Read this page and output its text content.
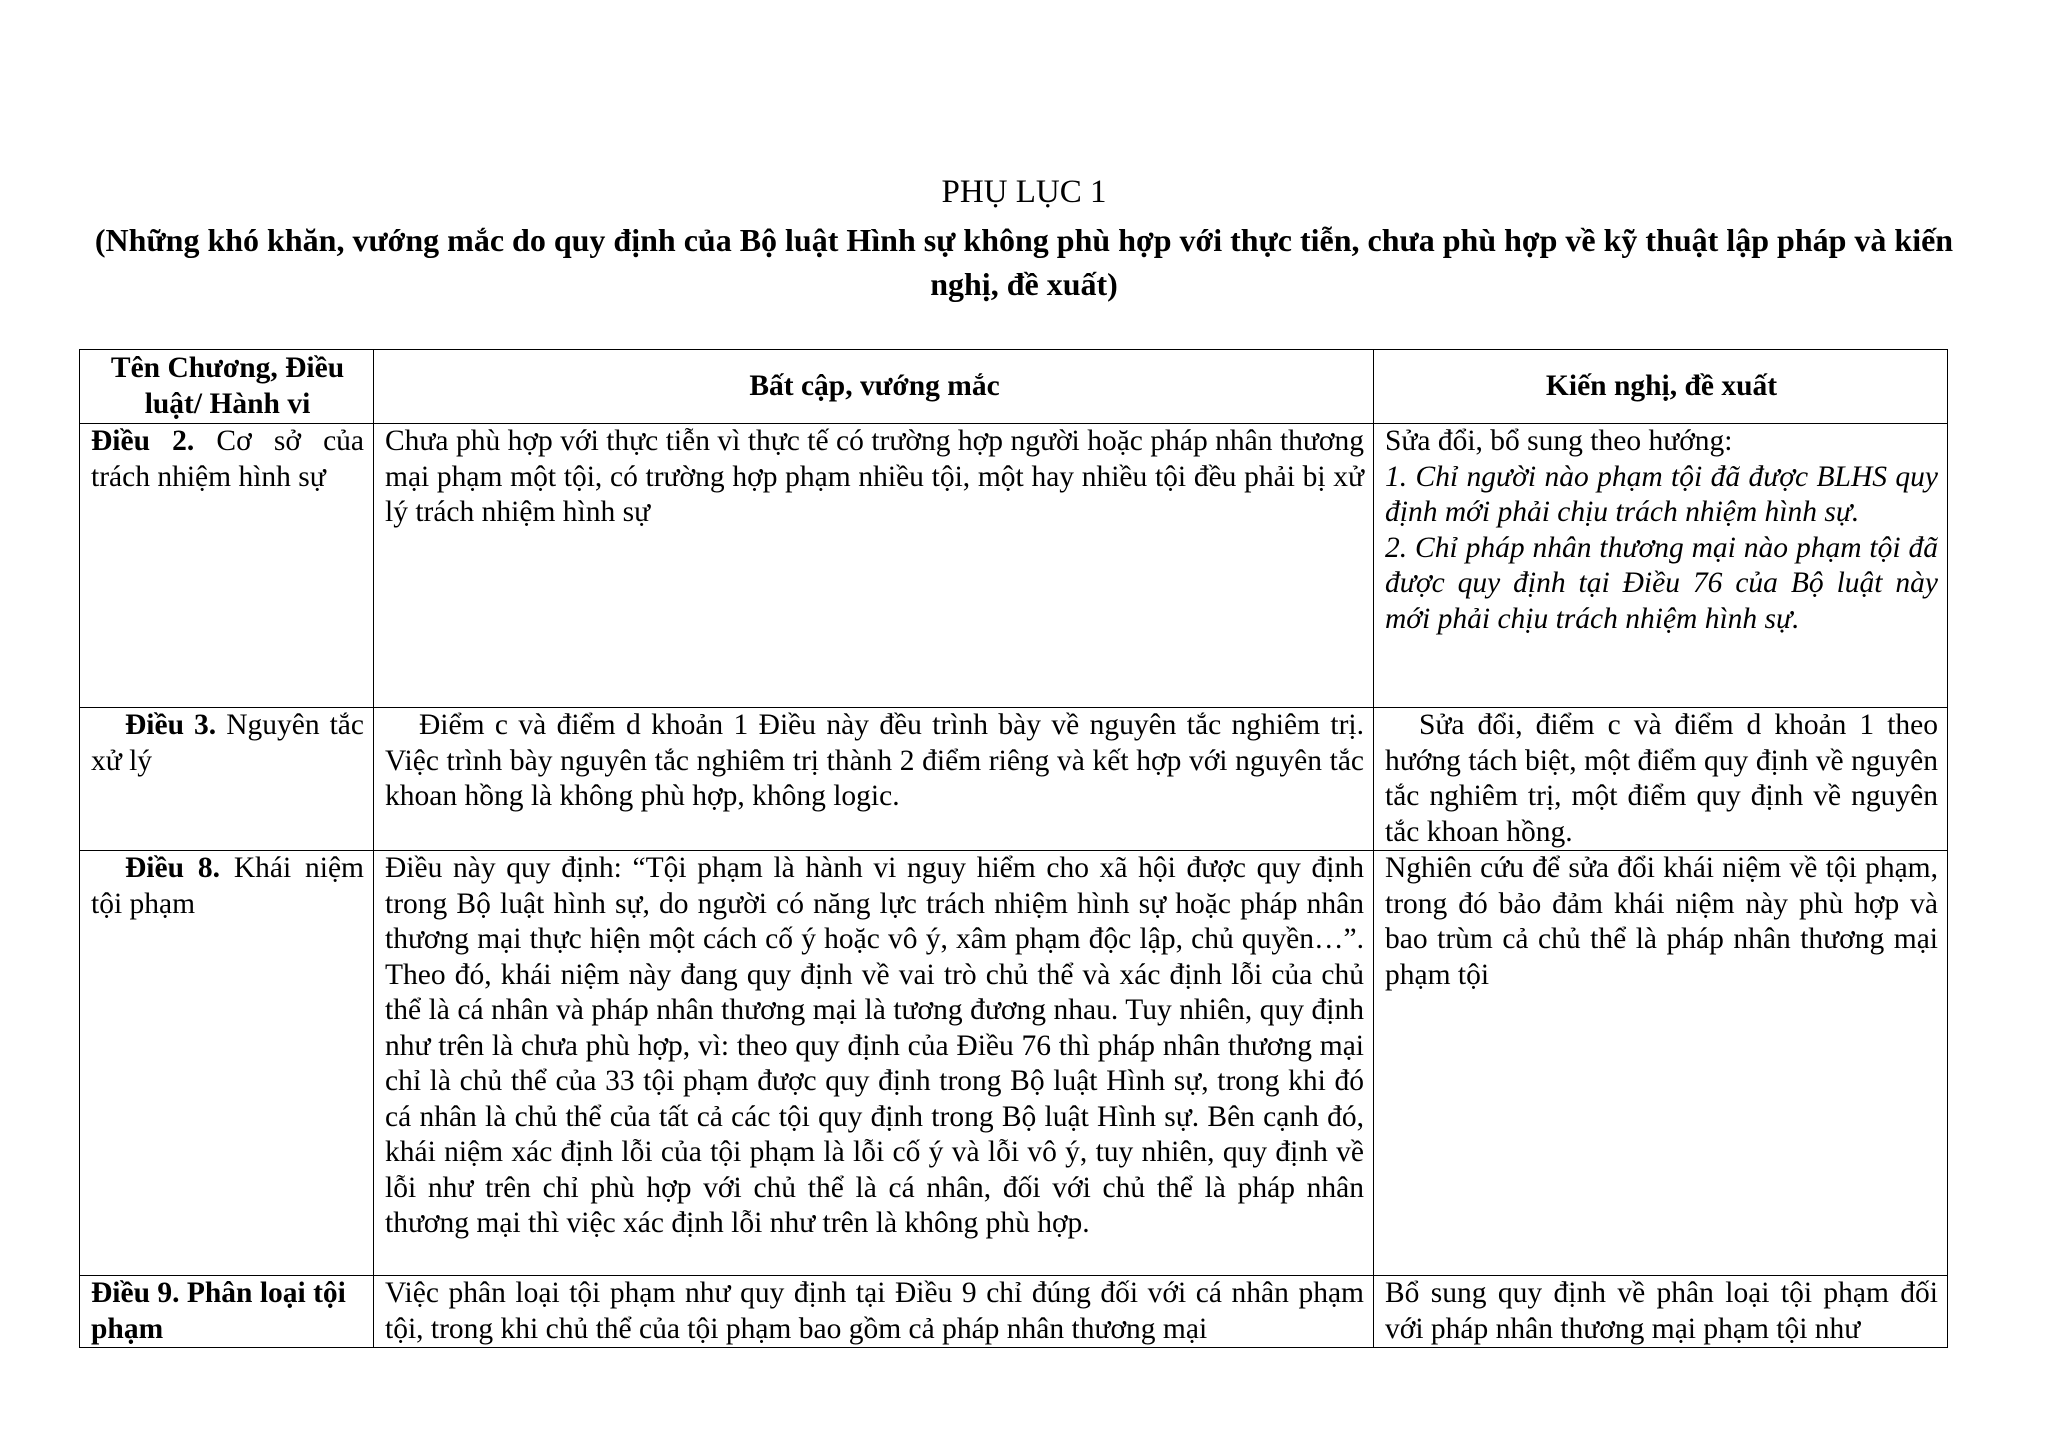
PHỤ LỤC 1
(Những khó khăn, vướng mắc do quy định của Bộ luật Hình sự không phù hợp với thực tiễn, chưa phù hợp về kỹ thuật lập pháp và kiến nghị, đề xuất)
Tên Chương, Điều luật/ Hành vi	Bất cập, vướng mắc	Kiến nghị, đề xuất
Điều 2. Cơ sở của trách nhiệm hình sự	Chưa phù hợp với thực tiễn vì thực tế có trường hợp người hoặc pháp nhân thương mại phạm một tội, có trường hợp phạm nhiều tội, một hay nhiều tội đều phải bị xử lý trách nhiệm hình sự	Sửa đổi, bổ sung theo hướng:
1. Chỉ người nào phạm tội đã được BLHS quy định mới phải chịu trách nhiệm hình sự.
2. Chỉ pháp nhân thương mại nào phạm tội đã được quy định tại Điều 76 của Bộ luật này mới phải chịu trách nhiệm hình sự.

Điều 3. Nguyên tắc xử lý	Điểm c và điểm d khoản 1 Điều này đều trình bày về nguyên tắc nghiêm trị. Việc trình bày nguyên tắc nghiêm trị thành 2 điểm riêng và kết hợp với nguyên tắc khoan hồng là không phù hợp, không logic.	Sửa đổi, điểm c và điểm d khoản 1 theo hướng tách biệt, một điểm quy định về nguyên tắc nghiêm trị, một điểm quy định về nguyên tắc khoan hồng.
Điều 8. Khái niệm tội phạm	Điều này quy định: “Tội phạm là hành vi nguy hiểm cho xã hội được quy định trong Bộ luật hình sự, do người có năng lực trách nhiệm hình sự hoặc pháp nhân thương mại thực hiện một cách cố ý hoặc vô ý, xâm phạm độc lập, chủ quyền…”. Theo đó, khái niệm này đang quy định về vai trò chủ thể và xác định lỗi của chủ thể là cá nhân và pháp nhân thương mại là tương đương nhau. Tuy nhiên, quy định như trên là chưa phù hợp, vì: theo quy định của Điều 76 thì pháp nhân thương mại chỉ là chủ thể của 33 tội phạm được quy định trong Bộ luật Hình sự, trong khi đó cá nhân là chủ thể của tất cả các tội quy định trong Bộ luật Hình sự. Bên cạnh đó, khái niệm xác định lỗi của tội phạm là lỗi cố ý và lỗi vô ý, tuy nhiên, quy định về lỗi như trên chỉ phù hợp với chủ thể là cá nhân, đối với chủ thể là pháp nhân thương mại thì việc xác định lỗi như trên là không phù hợp.	Nghiên cứu để sửa đổi khái niệm về tội phạm, trong đó bảo đảm khái niệm này phù hợp và bao trùm cả chủ thể là pháp nhân thương mại phạm tội
Điều 9. Phân loại tội phạm	Việc phân loại tội phạm như quy định tại Điều 9 chỉ đúng đối với cá nhân phạm tội, trong khi chủ thể của tội phạm bao gồm cả pháp nhân thương mại	Bổ sung quy định về phân loại tội phạm đối với pháp nhân thương mại phạm tội như
